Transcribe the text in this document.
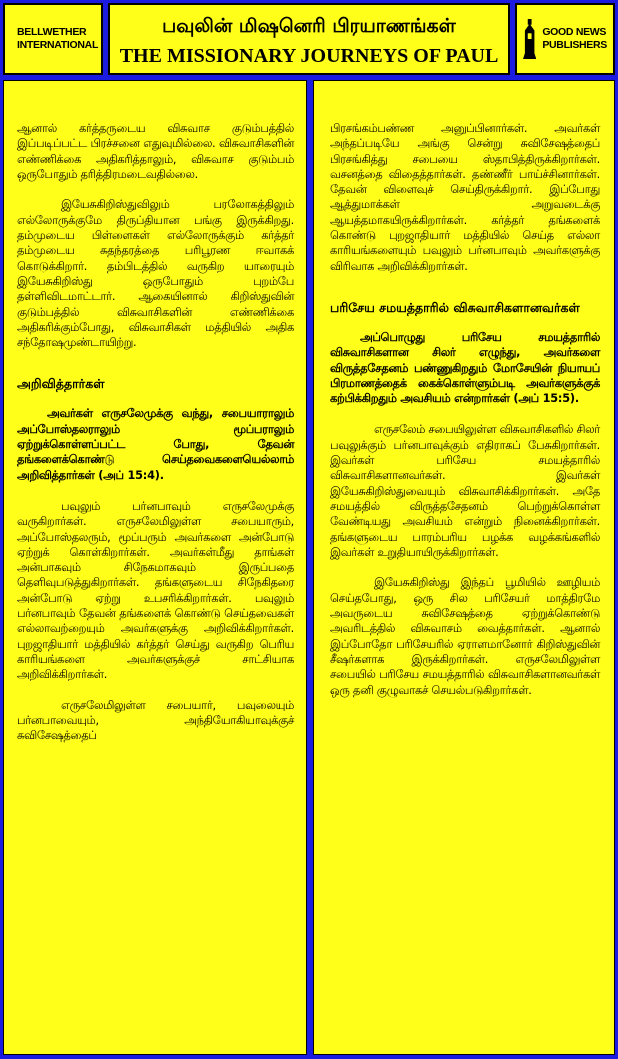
BELLWETHER
INTERNATIONAL
பவுலின் மிஷனெரி பிரயாணங்கள்
THE MISSIONARY JOURNEYS OF PAUL
GOOD NEWS
PUBLISHERS

ஆனால் கர்த்தருடைய விசுவாச குடும்பத்தில் இப்படிப்பட்ட பிரச்சனை எதுவுமில்லை. விசுவாசிகளின் எண்ணிக்கை அதிகரித்தாலும், விசுவாச குடும்பம் ஒருபோதும் தரித்திரமடைவதில்லை.

இயேசுகிறிஸ்துவிலும் பரலோகத்திலும் எல்லோருக்குமே திருப்தியான பங்கு இருக்கிறது. தம்முடைய பிள்ளைகள் எல்லோருக்கும் கர்த்தர் தம்முடைய சுதந்தரத்தை பரிபூரண ஈவாகக் கொடுக்கிறார். தம்பிடத்தில் வருகிற யாரையும் இயேசுகிறிஸ்து ஒருபோதும் புறம்பே தள்ளிவிடமாட்டார். ஆகையினால் கிறிஸ்துவின் குடும்பத்தில் விசுவாசிகளின் எண்ணிக்கை அதிகரிக்கும்போது, விசுவாசிகள் மத்தியில் அதிக சந்தோஷமுண்டாயிற்று.

அறிவித்தார்கள்

அவர்கள் எருசலேமுக்கு வந்து, சபையாராலும் அப்போஸ்தலராலும் மூப்பராலும் ஏற்றுக்கொள்ளப்பட்ட போது, தேவன் தங்களைக்கொண்டு செய்தவைகளையெல்லாம் அறிவித்தார்கள் (அப் 15:4).

பவுலும் பர்னபாவும் எருசலேமுக்கு வருகிறார்கள். எருசலேமிலுள்ள சபையாரும், அப்போஸ்தலரும், மூப்பரும் அவர்களை அன்போடு ஏற்றுக் கொள்கிறார்கள். அவர்கள்மீது தாங்கள் அன்பாகவும் சிநேகமாகவும் இருப்பதை தெளிவுபடுத்துகிறார்கள். தங்களுடைய சிநேகிதரை அன்போடு ஏற்று உபசரிக்கிறார்கள். பவுலும் பர்னபாவும் தேவன் தங்களைக் கொண்டு செய்தவைகள் எல்லாவற்றையும் அவர்களுக்கு அறிவிக்கிறார்கள். புறஜாதியார் மத்தியில் கர்த்தர் செய்து வருகிற பெரிய காரியங்களை அவர்களுக்குச் சாட்சியாக அறிவிக்கிறார்கள்.

எருசலேமிலுள்ள சபையார், பவுலையும் பர்னபாவையும், அந்தியோகியாவுக்குச் சுவிசேஷத்தைப்

பிரசங்கம்பண்ண அனுப்பினார்கள். அவர்கள் அந்தப்படியே அங்கு சென்று சுவிசேஷத்தைப் பிரசங்கித்து சபையை ஸ்தாபித்திருக்கிறார்கள். வசனத்தை விதைத்தார்கள். தண்ணீர் பாய்ச்சினார்கள். தேவன் விளைவுச் செய்திருக்கிறார். இப்போது ஆத்துமாக்கள் அறுவடைக்கு ஆயத்தமாகயிருக்கிறார்கள். கர்த்தர் தங்களைக் கொண்டு புறஜாதியார் மத்தியில் செய்த எல்லா காரியங்களையும் பவுலும் பர்னபாவும் அவர்களுக்கு விரிவாக அறிவிக்கிறார்கள்.

பரிசேய சமயத்தாரில் விசுவாசிகளானவர்கள்

அப்பொழுது பரிசேய சமயத்தாரில் விசுவாசிகளான சிலர் எழுந்து, அவர்களை விருத்தசேதனம் பண்ணுகிறதும் மோசேயின் நியாயப் பிரமாணத்தைக் கைக்கொள்ளும்படி அவர்களுக்குக் கற்பிக்கிறதும் அவசியம் என்றார்கள் (அப் 15:5).

எருசலேம் சபையிலுள்ள விசுவாசிகளில் சிலர் பவுலுக்கும் பர்னபாவுக்கும் எதிராகப் பேசுகிறார்கள். இவர்கள் பரிசேய சமயத்தாரில் விசுவாசிகளானவர்கள். இவர்கள் இயேசுகிறிஸ்துவையும் விசுவாசிக்கிறார்கள். அதே சமயத்தில் விருத்தசேதனம் பெற்றுக்கொள்ள வேண்டியது அவசியம் என்றும் நினைக்கிறார்கள். தங்களுடைய பாரம்பரிய பழக்க வழக்கங்களில் இவர்கள் உறுதியாயிருக்கிறார்கள்.

இயேசுகிறிஸ்து இந்தப் பூமியில் ஊழியம் செய்தபோது, ஒரு சில பரிசேயர் மாத்திரமே அவருடைய சுவிசேஷத்தை ஏற்றுக்கொண்டு அவரிடத்தில் விசுவாசம் வைத்தார்கள். ஆனால் இப்போதோ பரிசேயரில் ஏராளமானோர் கிறிஸ்துவின் சீஷர்களாக இருக்கிறார்கள். எருசலேமிலுள்ள சபையில் பரிசேய சமயத்தாரில் விசுவாசிகளானவர்கள் ஒரு தனி குழுவாகச் செயல்படுகிறார்கள்.
